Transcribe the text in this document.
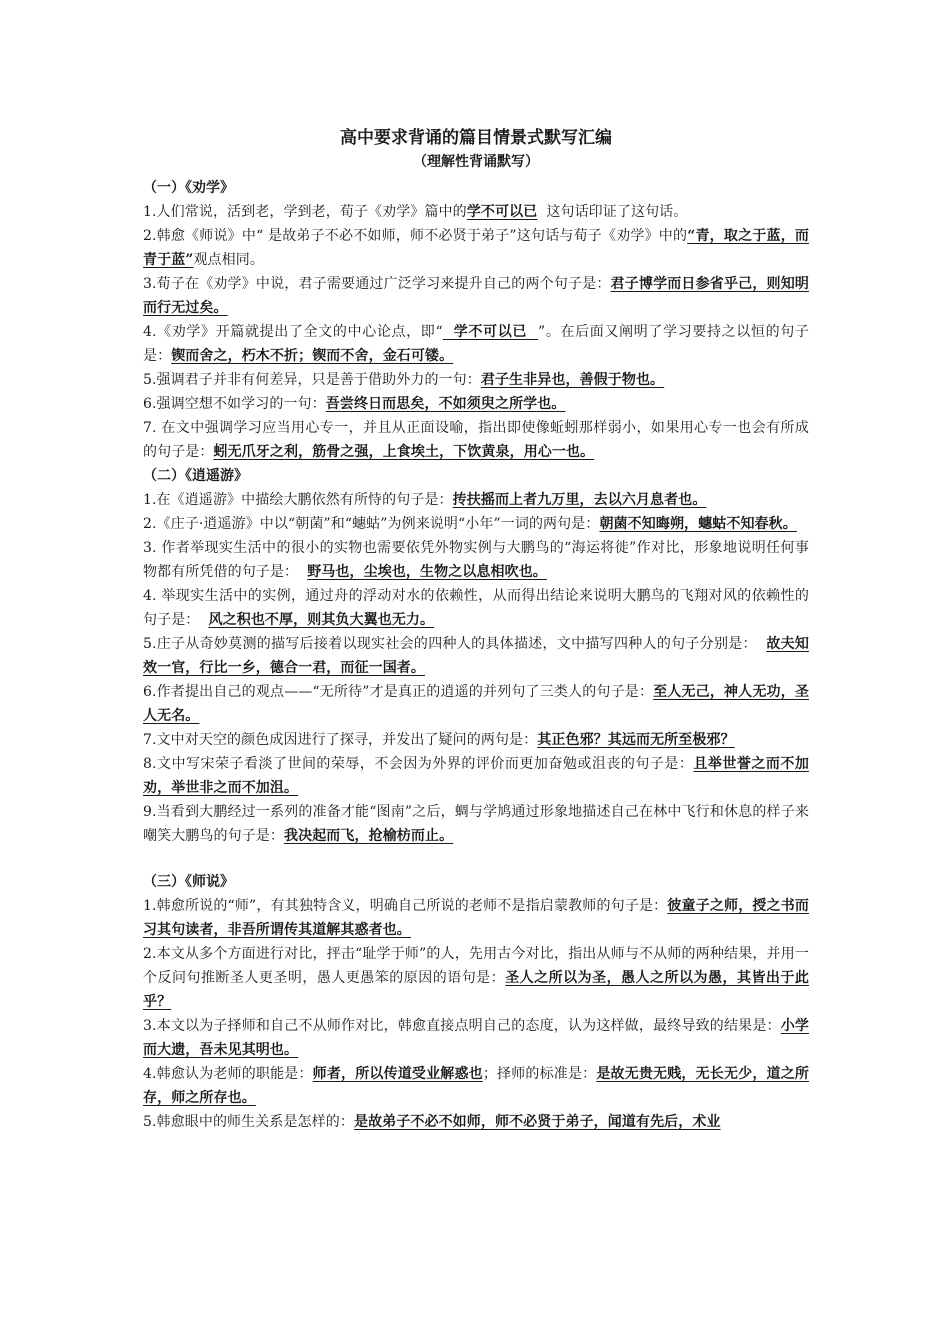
高中要求背诵的篇目情景式默写汇编
（理解性背诵默写）
（一）《劝学》

1.人们常说，活到老，学到老，荀子《劝学》篇中的学不可以已  这句话印证了这句话。

2.韩愈《师说》中“ 是故弟子不必不如师，师不必贤于弟子”这句话与荀子《劝学》中的“青，取之于蓝，而青于蓝”观点相同。

3.荀子在《劝学》中说，君子需要通过广泛学习来提升自己的两个句子是：君子博学而日参省乎己，则知明而行无过矣。

4.《劝学》开篇就提出了全文的中心论点，即“  学不可以已  ”。在后面又阐明了学习要持之以恒的句子是：锲而舍之，朽木不折；锲而不舍，金石可镂。

5.强调君子并非有何差异，只是善于借助外力的一句：君子生非异也，善假于物也。

6.强调空想不如学习的一句：吾尝终日而思矣，不如须臾之所学也。

7. 在文中强调学习应当用心专一，并且从正面设喻，指出即使像蚯蚓那样弱小，如果用心专一也会有所成的句子是：蚓无爪牙之利，筋骨之强，上食埃土，下饮黄泉，用心一也。

（二）《逍遥游》

1.在《逍遥游》中描绘大鹏依然有所恃的句子是：抟扶摇而上者九万里，去以六月息者也。

2.《庄子·逍遥游》中以“朝菌”和“蟪蛄”为例来说明“小年”一词的两句是：朝菌不知晦朔，蟪蛄不知春秋。

3. 作者举现实生活中的很小的实物也需要依凭外物实例与大鹏鸟的“海运将徙”作对比，形象地说明任何事物都有所凭借的句子是：  野马也，尘埃也，生物之以息相吹也。

4. 举现实生活中的实例，通过舟的浮动对水的依赖性，从而得出结论来说明大鹏鸟的飞翔对风的依赖性的句子是：  风之积也不厚，则其负大翼也无力。

5.庄子从奇妙莫测的描写后接着以现实社会的四种人的具体描述，文中描写四种人的句子分别是：  故夫知效一官，行比一乡，德合一君，而征一国者。

6.作者提出自己的观点——“无所待”才是真正的逍遥的并列句了三类人的句子是：至人无己，神人无功，圣人无名。

7.文中对天空的颜色成因进行了探寻，并发出了疑问的两句是：其正色邪？其远而无所至极邪？

8.文中写宋荣子看淡了世间的荣辱，不会因为外界的评价而更加奋勉或沮丧的句子是：且举世誉之而不加劝，举世非之而不加沮。

9.当看到大鹏经过一系列的准备才能“图南”之后，蜩与学鸠通过形象地描述自己在林中飞行和休息的样子来嘲笑大鹏鸟的句子是：我决起而飞，抢榆枋而止。

（三）《师说》

1.韩愈所说的“师”，有其独特含义，明确自己所说的老师不是指启蒙教师的句子是：彼童子之师，授之书而习其句读者，非吾所谓传其道解其惑者也。

2.本文从多个方面进行对比，抨击“耻学于师”的人，先用古今对比，指出从师与不从师的两种结果，并用一个反问句推断圣人更圣明，愚人更愚笨的原因的语句是：圣人之所以为圣，愚人之所以为愚，其皆出于此乎？

3.本文以为子择师和自己不从师作对比，韩愈直接点明自己的态度，认为这样做，最终导致的结果是：小学而大遗，吾未见其明也。

4.韩愈认为老师的职能是：师者，所以传道受业解惑也；择师的标准是：是故无贵无贱，无长无少，道之所存，师之所存也。

5.韩愈眼中的师生关系是怎样的：是故弟子不必不如师，师不必贤于弟子，闻道有先后，术业
